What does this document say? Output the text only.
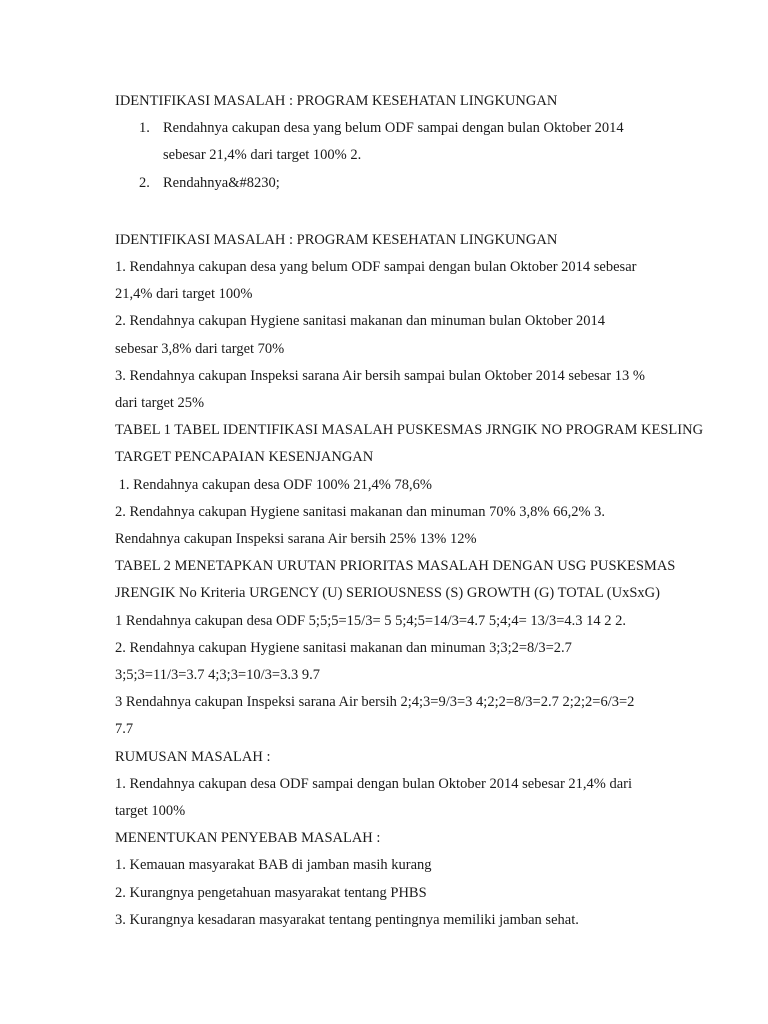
IDENTIFIKASI MASALAH : PROGRAM KESEHATAN LINGKUNGAN

1. Rendahnya cakupan desa yang belum ODF sampai dengan bulan Oktober 2014
sebesar 21,4% dari target 100% 2.
2. Rendahnya&#8230;

IDENTIFIKASI MASALAH : PROGRAM KESEHATAN LINGKUNGAN

1. Rendahnya cakupan desa yang belum ODF sampai dengan bulan Oktober 2014 sebesar

21,4% dari target 100%

2. Rendahnya cakupan Hygiene sanitasi makanan dan minuman bulan Oktober 2014

sebesar 3,8% dari target 70%

3. Rendahnya cakupan Inspeksi sarana Air bersih sampai bulan Oktober 2014 sebesar 13 %

dari target 25%

TABEL 1 TABEL IDENTIFIKASI MASALAH PUSKESMAS JRNGIK NO PROGRAM KESLING

TARGET PENCAPAIAN KESENJANGAN

1. Rendahnya cakupan desa ODF 100% 21,4% 78,6%

2. Rendahnya cakupan Hygiene sanitasi makanan dan minuman 70% 3,8% 66,2% 3.

Rendahnya cakupan Inspeksi sarana Air bersih 25% 13% 12%

TABEL 2 MENETAPKAN URUTAN PRIORITAS MASALAH DENGAN USG PUSKESMAS

JRENGIK No Kriteria URGENCY (U) SERIOUSNESS (S) GROWTH (G) TOTAL (UxSxG)

1 Rendahnya cakupan desa ODF 5;5;5=15/3= 5 5;4;5=14/3=4.7 5;4;4= 13/3=4.3 14 2 2.

2. Rendahnya cakupan Hygiene sanitasi makanan dan minuman 3;3;2=8/3=2.7

3;5;3=11/3=3.7 4;3;3=10/3=3.3 9.7

3 Rendahnya cakupan Inspeksi sarana Air bersih 2;4;3=9/3=3 4;2;2=8/3=2.7 2;2;2=6/3=2

7.7

RUMUSAN MASALAH :

1. Rendahnya cakupan desa ODF sampai dengan bulan Oktober 2014 sebesar 21,4% dari

target 100%

MENENTUKAN PENYEBAB MASALAH :

1. Kemauan masyarakat BAB di jamban masih kurang

2. Kurangnya pengetahuan masyarakat tentang PHBS

3. Kurangnya kesadaran masyarakat tentang pentingnya memiliki jamban sehat.
